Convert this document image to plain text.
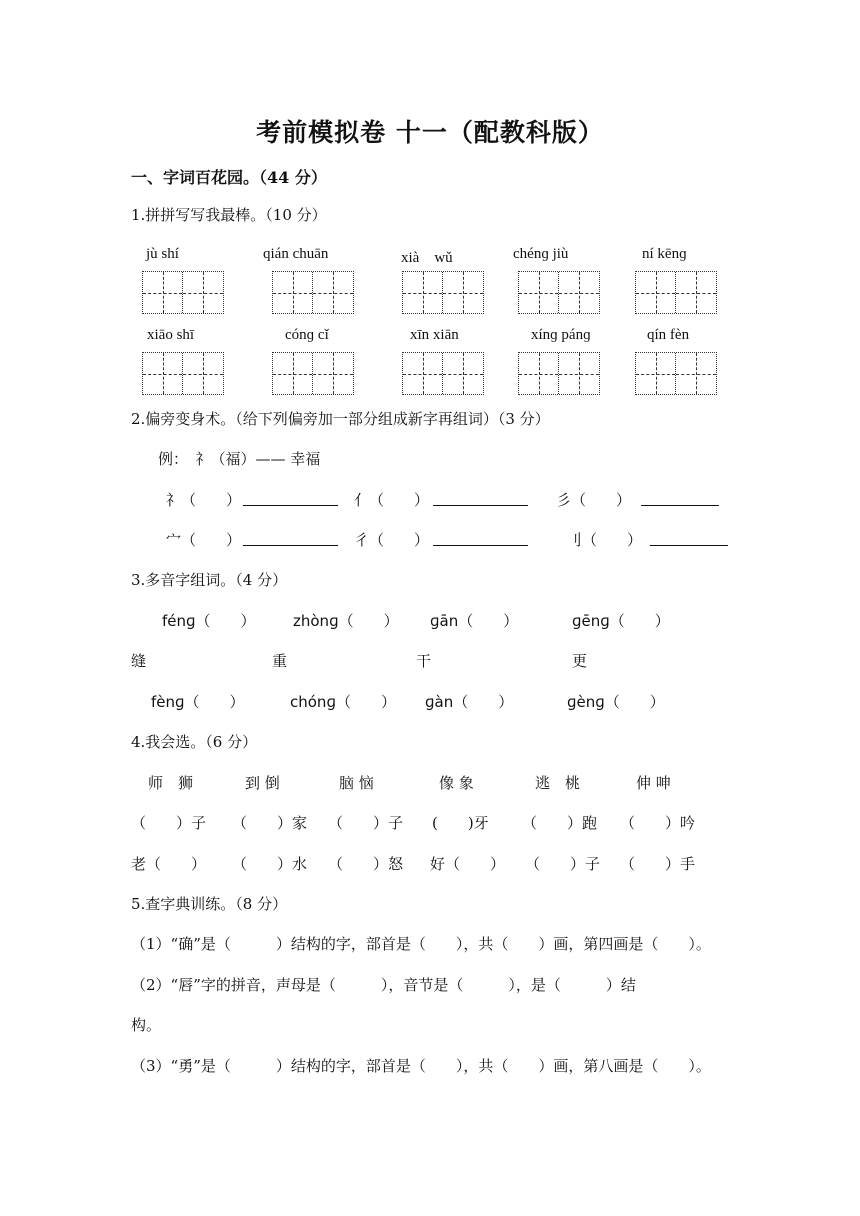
考前模拟卷 十一（配教科版）
一、字词百花园。（44 分）
1.拼拼写写我最棒。（10 分）
jù shí	qián chuān	xià　wǔ	chénɡ jiù	ní kēnɡ
xiāo shī	cónɡ cǐ	xīn xiān	xínɡ pánɡ	qín fèn
2.偏旁变身术。（给下列偏旁加一部分组成新字再组词）（3 分）
例：　礻（福）—— 幸福
礻（　　）	亻（　　）	彡（　　）
宀（　　）	彳（　　）	刂（　　）
3.多音字组词。（4 分）
fénɡ（　　） zhònɡ（　　） ɡān（　　）	ɡēnɡ（　　）
缝	重	干	更
fènɡ（　　）	chónɡ（　　） ɡàn（　　）	ɡènɡ（　　）
4.我会选。（6 分）
师　狮	到 倒	脑 恼	像 象	逃　桃	伸 呻
（　　）子 （　　）家 （　　）子 (　　)牙 （　　）跑 （　　）吟
老（　　） （　　）水 （　　）怒 好（　　） （　　）子 （　　）手
5.查字典训练。（8 分）
（1）“确”是（　　　）结构的字，部首是（　　），共（　　）画，第四画是（　　）。
（2）“唇”字的拼音，声母是（　　　），音节是（　　　），是（　　　）结
构。
（3）“勇”是（　　　）结构的字，部首是（　　），共（　　）画，第八画是（　　）。
